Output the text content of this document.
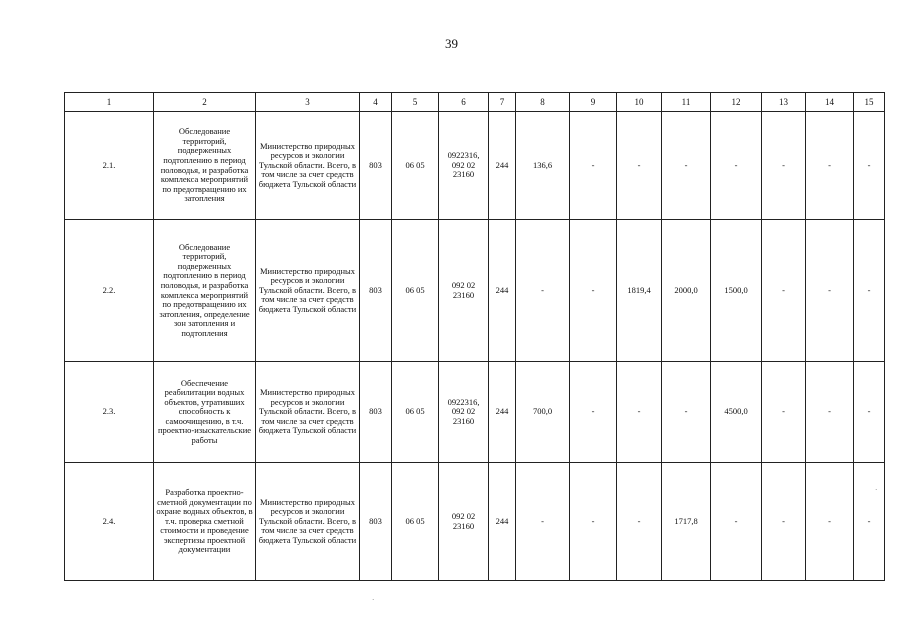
39
1	2	3	4	5	6	7	8	9	10	11	12	13	14	15
2.1.	Обследование территорий, подверженных подтоплению в период половодья, и разработка комплекса мероприятий по предотвращению их затопления	Министерство природных ресурсов и экологии Тульской области. Всего, в том числе за счет средств бюджета Тульской области	803	06 05	0922316, 092 02 23160	244	136,6	-	-	-	-	-	-	-
2.2.	Обследование территорий, подверженных подтоплению в период половодья, и разработка комплекса мероприятий по предотвращению их затопления, определение зон затопления и подтопления	Министерство природных ресурсов и экологии Тульской области. Всего, в том числе за счет средств бюджета Тульской области	803	06 05	092 02 23160	244	-	-	1819,4	2000,0	1500,0	-	-	-
2.3.	Обеспечение реабилитации водных объектов, утративших способность к самоочищению, в т.ч. проектно-изыскательские работы	Министерство природных ресурсов и экологии Тульской области. Всего, в том числе за счет средств бюджета Тульской области	803	06 05	0922316, 092 02 23160	244	700,0	-	-	-	4500,0	-	-	-
2.4.	Разработка проектно-сметной документации по охране водных объектов, в т.ч. проверка сметной стоимости и проведение экспертизы проектной документации	Министерство природных ресурсов и экологии Тульской области. Всего, в том числе за счет средств бюджета Тульской области	803	06 05	092 02 23160	244	-	-	-	1717,8	-	-	-	-
·
·
